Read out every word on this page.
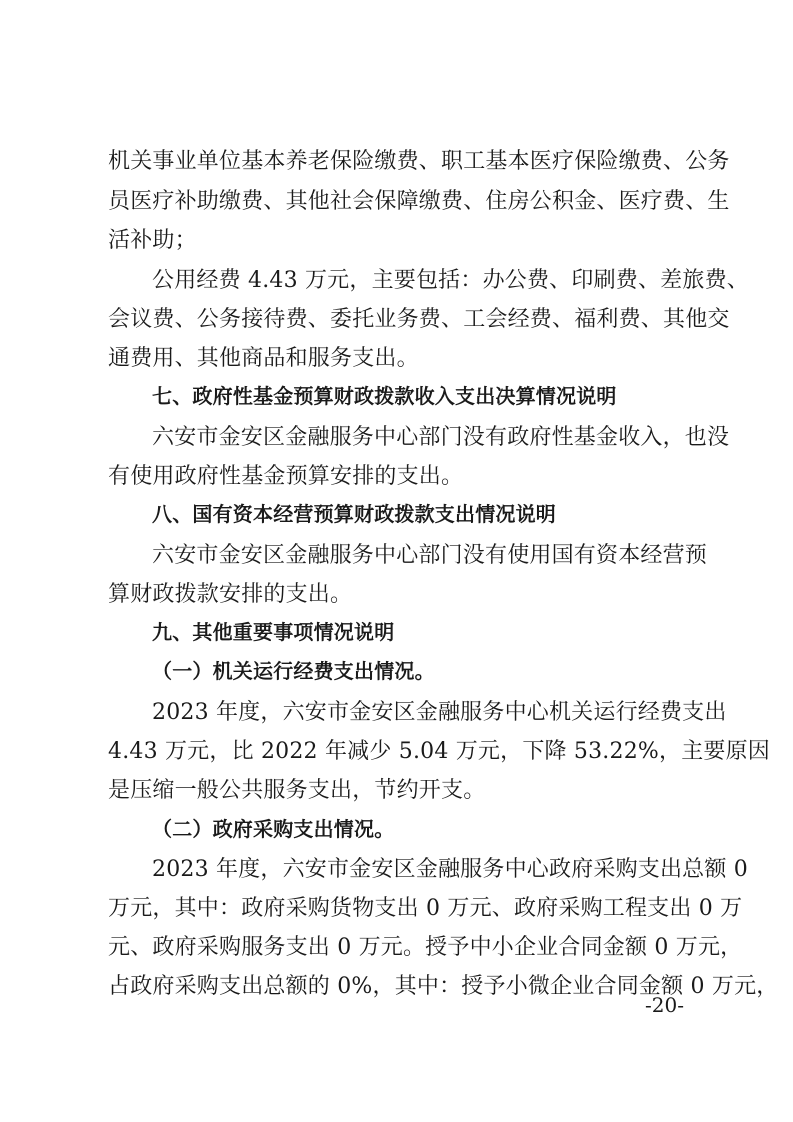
机关事业单位基本养老保险缴费、职工基本医疗保险缴费、公务
员医疗补助缴费、其他社会保障缴费、住房公积金、医疗费、生
活补助；
公用经费 4.43 万元，主要包括：办公费、印刷费、差旅费、
会议费、公务接待费、委托业务费、工会经费、福利费、其他交
通费用、其他商品和服务支出。
七、政府性基金预算财政拨款收入支出决算情况说明
六安市金安区金融服务中心部门没有政府性基金收入，也没
有使用政府性基金预算安排的支出。
八、国有资本经营预算财政拨款支出情况说明
六安市金安区金融服务中心部门没有使用国有资本经营预
算财政拨款安排的支出。
九、其他重要事项情况说明
（一）机关运行经费支出情况。
2023 年度，六安市金安区金融服务中心机关运行经费支出
4.43 万元，比 2022 年减少 5.04 万元，下降 53.22%，主要原因
是压缩一般公共服务支出，节约开支。
（二）政府采购支出情况。
2023 年度，六安市金安区金融服务中心政府采购支出总额 0
万元，其中：政府采购货物支出 0 万元、政府采购工程支出 0 万
元、政府采购服务支出 0 万元。授予中小企业合同金额 0 万元，
占政府采购支出总额的 0%，其中：授予小微企业合同金额 0 万元，
-20-
